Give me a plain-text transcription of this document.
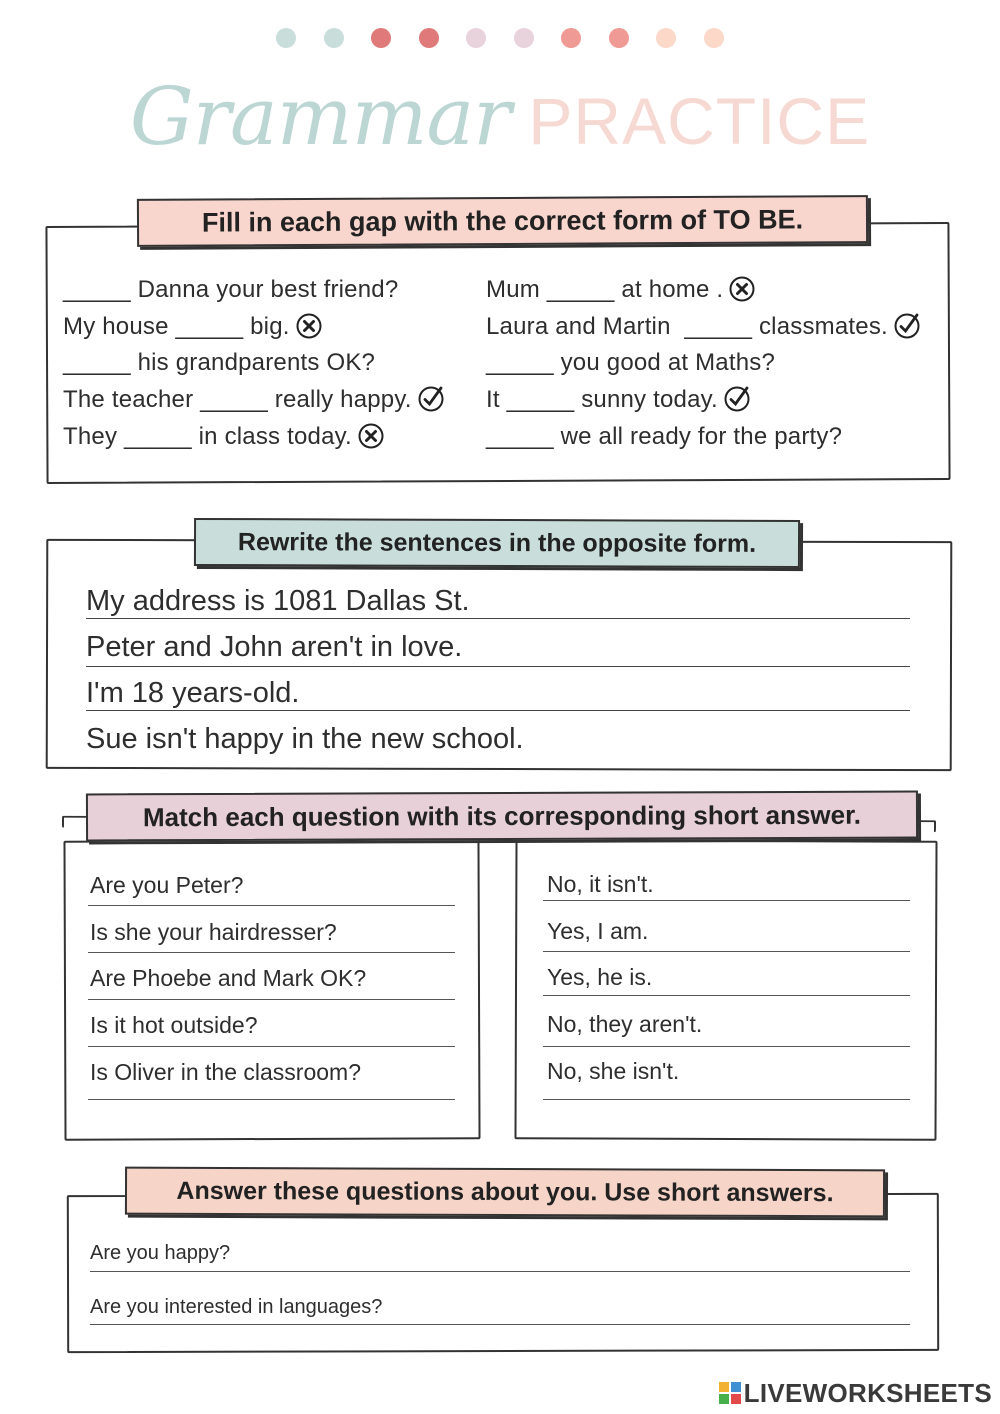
Grammar PRACTICE
Fill in each gap with the correct form of TO BE.
_____ Danna your best friend?
My house _____ big.
_____ his grandparents OK?
The teacher _____ really happy.
They _____ in class today.
Mum _____ at home .
Laura and Martin  _____ classmates.
_____ you good at Maths?
It _____ sunny today.
_____ we all ready for the party?
Rewrite the sentences in the opposite form.
My address is 1081 Dallas St.
Peter and John aren't in love.
I'm 18 years-old.
Sue isn't happy in the new school.
Match each question with its corresponding short answer.
Are you Peter?
Is she your hairdresser?
Are Phoebe and Mark OK?
Is it hot outside?
Is Oliver in the classroom?
No, it isn't.
Yes, I am.
Yes, he is.
No, they aren't.
No, she isn't.
Answer these questions about you. Use short answers.
Are you happy?
Are you interested in languages?
LIVEWORKSHEETS
